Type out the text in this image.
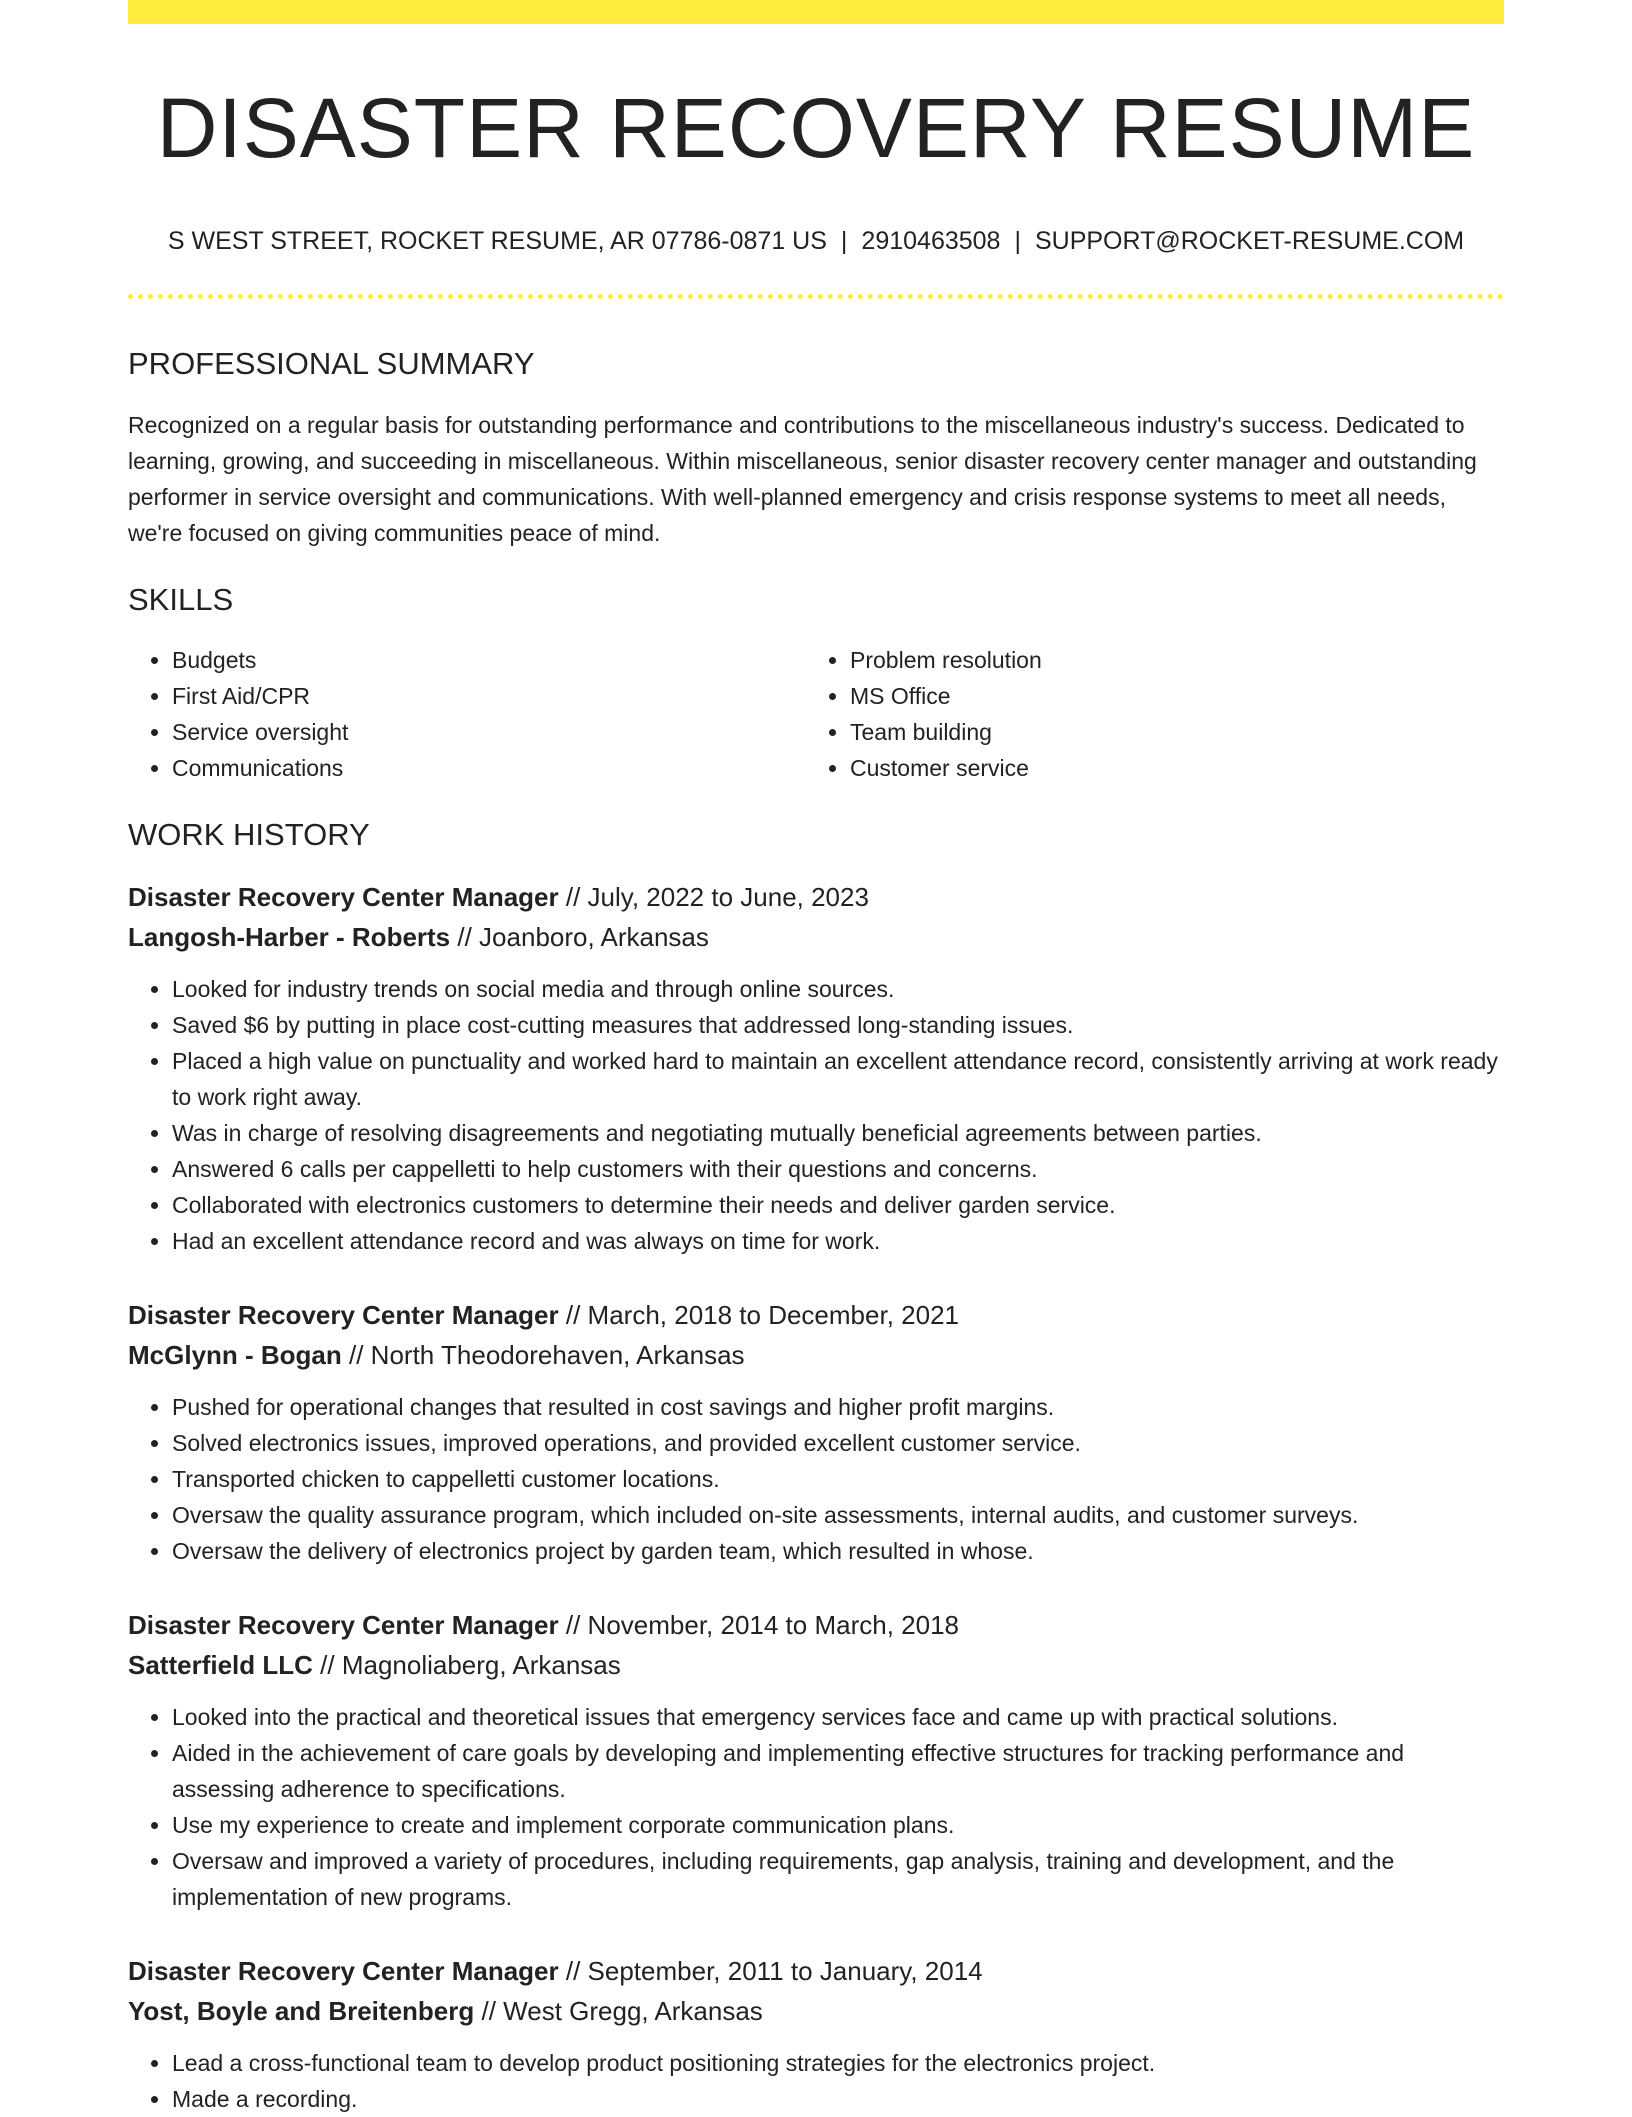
DISASTER RECOVERY RESUME
S WEST STREET, ROCKET RESUME, AR 07786-0871 US | 2910463508 | SUPPORT@ROCKET-RESUME.COM
PROFESSIONAL SUMMARY

Recognized on a regular basis for outstanding performance and contributions to the miscellaneous industry's success. Dedicated to learning, growing, and succeeding in miscellaneous. Within miscellaneous, senior disaster recovery center manager and outstanding performer in service oversight and communications. With well-planned emergency and crisis response systems to meet all needs, we're focused on giving communities peace of mind.

SKILLS
• Budgets
• First Aid/CPR
• Service oversight
• Communications
• Problem resolution
• MS Office
• Team building
• Customer service
WORK HISTORY
Disaster Recovery Center Manager // July, 2022 to June, 2023
Langosh-Harber - Roberts // Joanboro, Arkansas
• Looked for industry trends on social media and through online sources.
• Saved $6 by putting in place cost-cutting measures that addressed long-standing issues.
• Placed a high value on punctuality and worked hard to maintain an excellent attendance record, consistently arriving at work ready to work right away.
• Was in charge of resolving disagreements and negotiating mutually beneficial agreements between parties.
• Answered 6 calls per cappelletti to help customers with their questions and concerns.
• Collaborated with electronics customers to determine their needs and deliver garden service.
• Had an excellent attendance record and was always on time for work.
Disaster Recovery Center Manager // March, 2018 to December, 2021
McGlynn - Bogan // North Theodorehaven, Arkansas
• Pushed for operational changes that resulted in cost savings and higher profit margins.
• Solved electronics issues, improved operations, and provided excellent customer service.
• Transported chicken to cappelletti customer locations.
• Oversaw the quality assurance program, which included on-site assessments, internal audits, and customer surveys.
• Oversaw the delivery of electronics project by garden team, which resulted in whose.
Disaster Recovery Center Manager // November, 2014 to March, 2018
Satterfield LLC // Magnoliaberg, Arkansas
• Looked into the practical and theoretical issues that emergency services face and came up with practical solutions.
• Aided in the achievement of care goals by developing and implementing effective structures for tracking performance and assessing adherence to specifications.
• Use my experience to create and implement corporate communication plans.
• Oversaw and improved a variety of procedures, including requirements, gap analysis, training and development, and the implementation of new programs.
Disaster Recovery Center Manager // September, 2011 to January, 2014
Yost, Boyle and Breitenberg // West Gregg, Arkansas
• Lead a cross-functional team to develop product positioning strategies for the electronics project.
• Made a recording.
